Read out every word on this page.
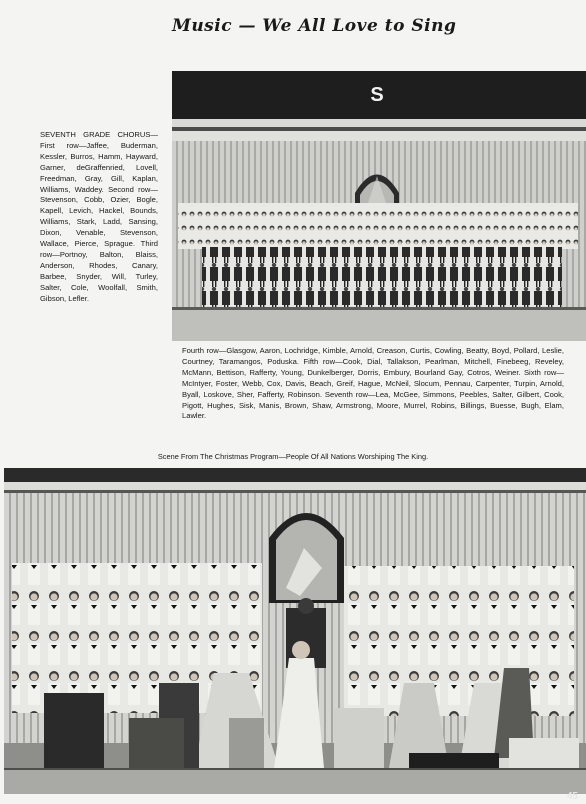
Music — We All Love to Sing
S

SEVENTH GRADE CHORUS—First row—Jaffee, Buderman, Kessler, Burros, Hamm, Hayward, Garner, deGraffenried, Lovell, Freedman, Gray, Gill, Kaplan, Williams, Waddey. Second row—Stevenson, Cobb, Ozier, Bogle, Kapell, Levich, Hackel, Bounds, Williams, Stark, Ladd, Sansing, Dixon, Venable, Stevenson, Wallace, Pierce, Sprague. Third row—Portnoy, Balton, Blaiss, Anderson, Rhodes, Canary, Barbee, Snyder, Will, Turley, Salter, Cole, Woolfall, Smith, Gibson, Lefler.

Fourth row—Glasgow, Aaron, Lochridge, Kimble, Arnold, Creason, Curtis, Cowling, Beatty, Boyd, Pollard, Leslie, Courtney, Taramangos, Poduska. Fifth row—Cook, Dial, Tallakson, Pearlman, Mitchell, Finebeeg, Reveley, McMann, Bettison, Rafferty, Young, Dunkelberger, Dorris, Embury, Bourland Gay, Cotros, Weiner. Sixth row—McIntyer, Foster, Webb, Cox, Davis, Beach, Greif, Hague, McNeil, Slocum, Pennau, Carpenter, Turpin, Arnold, Byall, Loskove, Sher, Fafferty, Robinson. Seventh row—Lea, McGee, Simmons, Peebles, Salter, Gilbert, Cook, Pigott, Hughes, Sisk, Manis, Brown, Shaw, Armstrong, Moore, Murrel, Robins, Billings, Buesse, Bugh, Elam, Lawler.

Scene From The Christmas Program—People Of All Nations Worshiping The King.

45
